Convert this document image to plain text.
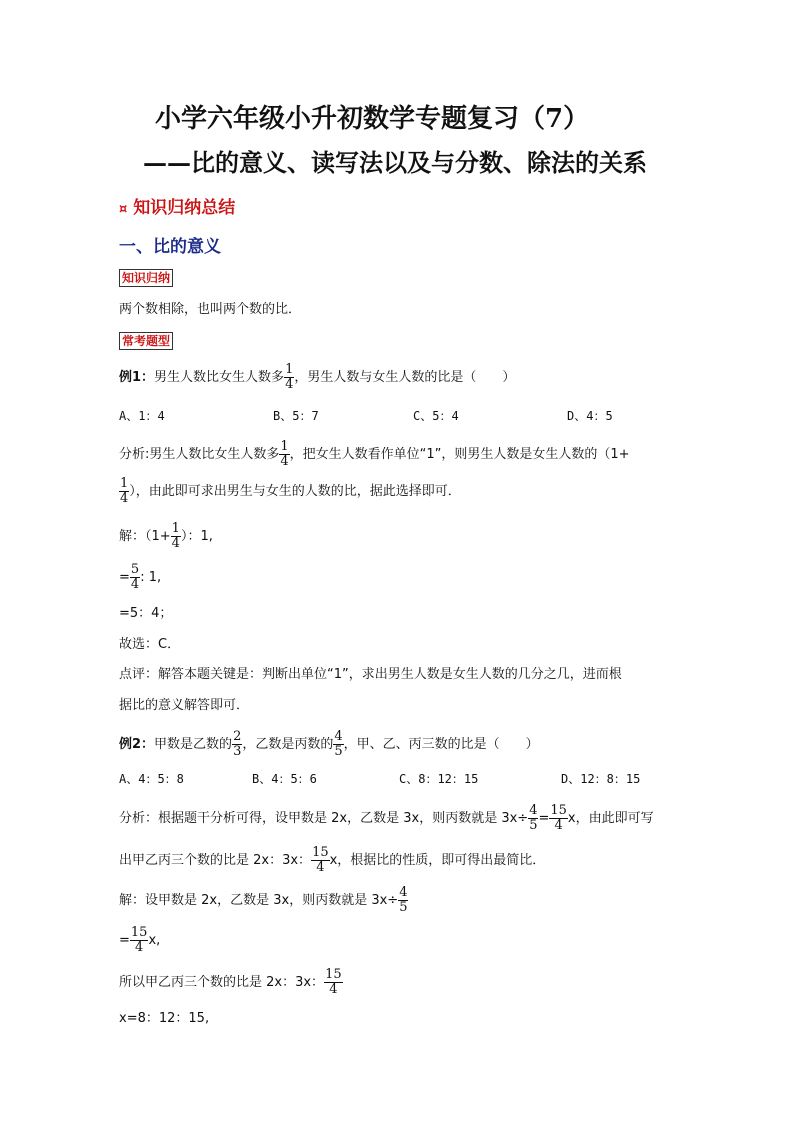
小学六年级小升初数学专题复习（7）
——比的意义、读写法以及与分数、除法的关系
¤ 知识归纳总结
一、比的意义
知识归纳
两个数相除，也叫两个数的比．
常考题型
例1：男生人数比女生人数多 $\frac{1}{4}$ ，男生人数与女生人数的比是（　　）
A、1：4	B、5：7	C、5：4	D、4：5
分析:男生人数比女生人数多 $\frac{1}{4}$ ，把女生人数看作单位“1”，则男生人数是女生人数的（1+
$\frac{1}{4}$ ），由此即可求出男生与女生的人数的比，据此选择即可．
解：（$1+ \frac{1}{4}$ ）：1,
= $\frac{5}{4}$ : 1,
=5：4；
故选：C．
点评：解答本题关键是：判断出单位“1”，求出男生人数是女生人数的几分之几，进而根
据比的意义解答即可．
例2：甲数是乙数的 $\frac{2}{3}$ ，乙数是丙数的 $\frac{4}{5}$ ，甲、乙、丙三数的比是（　　）
A、4：5：8	B、4：5：6	C、8：12：15	D、12：8：15
分析：根据题干分析可得，设甲数是 2x，乙数是 3x，则丙数就是 $3x\div \frac{4}{5} = \frac{15}{4}$ x，由此即可写
出甲乙丙三个数的比是 2x：3x： $\frac{15}{4}$ x，根据比的性质，即可得出最简比．
解：设甲数是 2x，乙数是 3x，则丙数就是 $3x\div \frac{4}{5}$
= $\frac{15}{4} x$,
所以甲乙丙三个数的比是 2x：3x： $\frac{15}{4}$
x=8：12：15,
